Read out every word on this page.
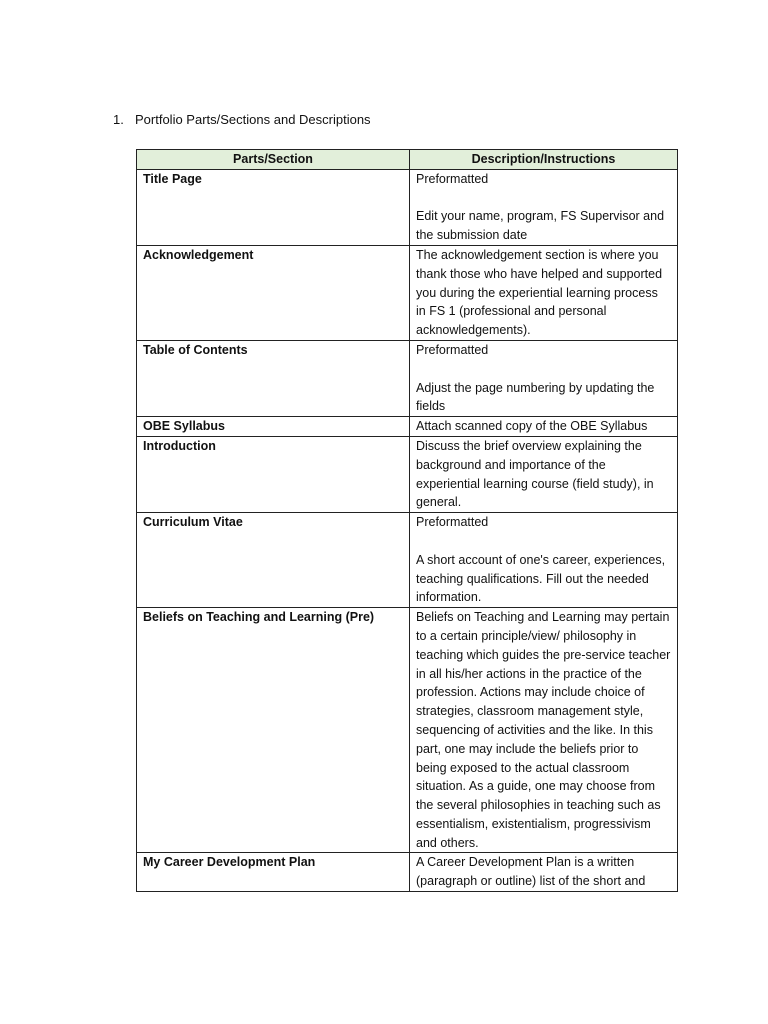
1. Portfolio Parts/Sections and Descriptions
Parts/Section	Description/Instructions
Title Page	Preformatted
Edit your name, program, FS Supervisor and the submission date

Acknowledgement	The acknowledgement section is where you thank those who have helped and supported you during the experiential learning process in FS 1 (professional and personal acknowledgements).

Table of Contents	Preformatted
Adjust the page numbering by updating the fields

OBE Syllabus	Attach scanned copy of the OBE Syllabus

Introduction	Discuss the brief overview explaining the background and importance of the experiential learning course (field study), in general.

Curriculum Vitae	Preformatted
A short account of one's career, experiences, teaching qualifications. Fill out the needed information.

Beliefs on Teaching and Learning (Pre)	Beliefs on Teaching and Learning may pertain to a certain principle/view/ philosophy in teaching which guides the pre-service teacher in all his/her actions in the practice of the profession. Actions may include choice of strategies, classroom management style, sequencing of activities and the like. In this part, one may include the beliefs prior to being exposed to the actual classroom situation. As a guide, one may choose from the several philosophies in teaching such as essentialism, existentialism, progressivism and others.

My Career Development Plan	A Career Development Plan is a written (paragraph or outline) list of the short and
